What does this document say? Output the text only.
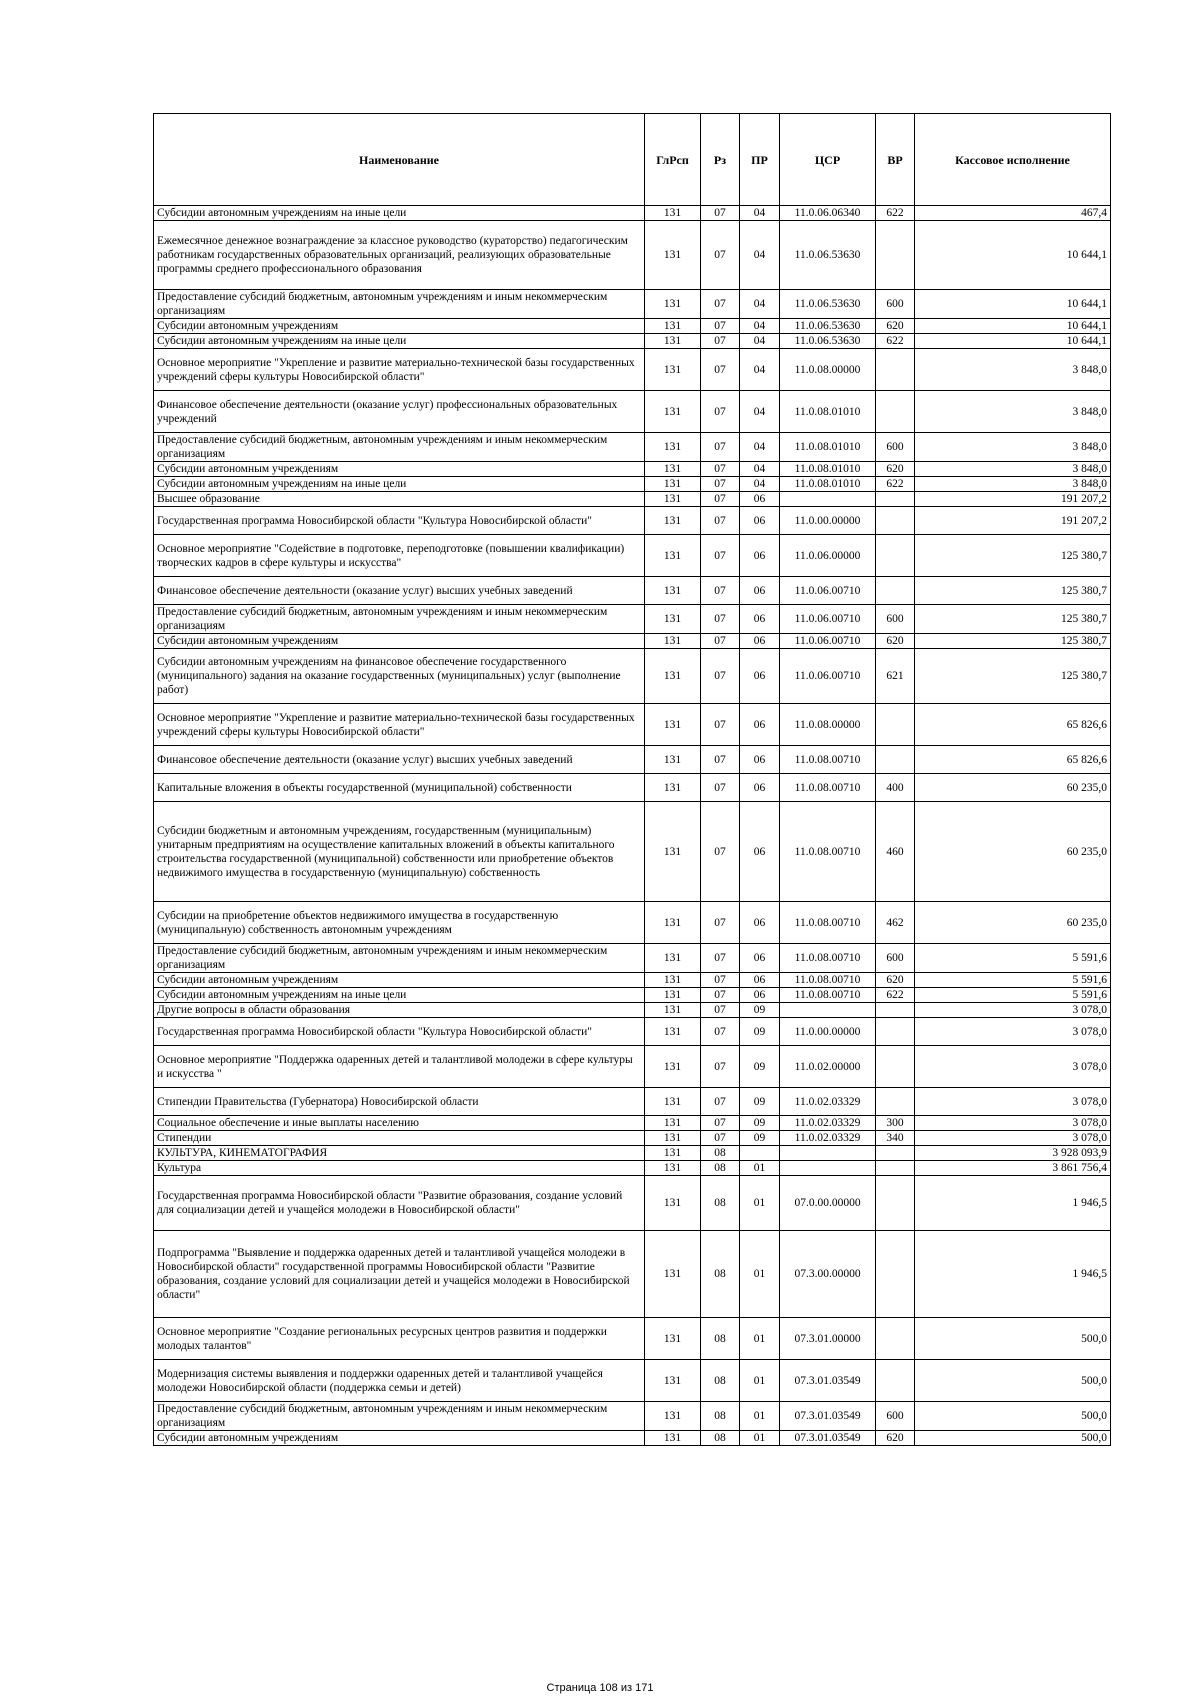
Наименование	ГлРсп	Рз	ПР	ЦСР	ВР	Кассовое исполнение
Субсидии автономным учреждениям на иные цели	131	07	04	11.0.06.06340	622	467,4
Ежемесячное денежное вознаграждение за классное руководство (кураторство) педагогическим работникам государственных образовательных организаций, реализующих образовательные программы среднего профессионального образования	131	07	04	11.0.06.53630		10 644,1
Предоставление субсидий бюджетным, автономным учреждениям и иным некоммерческим организациям	131	07	04	11.0.06.53630	600	10 644,1
Субсидии автономным учреждениям	131	07	04	11.0.06.53630	620	10 644,1
Субсидии автономным учреждениям на иные цели	131	07	04	11.0.06.53630	622	10 644,1
Основное мероприятие "Укрепление и развитие материально-технической базы государственных учреждений сферы культуры Новосибирской области"	131	07	04	11.0.08.00000		3 848,0
Финансовое обеспечение деятельности (оказание услуг) профессиональных образовательных учреждений	131	07	04	11.0.08.01010		3 848,0
Предоставление субсидий бюджетным, автономным учреждениям и иным некоммерческим организациям	131	07	04	11.0.08.01010	600	3 848,0
Субсидии автономным учреждениям	131	07	04	11.0.08.01010	620	3 848,0
Субсидии автономным учреждениям на иные цели	131	07	04	11.0.08.01010	622	3 848,0
Высшее образование	131	07	06			191 207,2
Государственная программа Новосибирской области "Культура Новосибирской области"	131	07	06	11.0.00.00000		191 207,2
Основное мероприятие "Содействие в подготовке, переподготовке (повышении квалификации) творческих кадров в сфере культуры и искусства"	131	07	06	11.0.06.00000		125 380,7
Финансовое обеспечение деятельности (оказание услуг) высших учебных заведений	131	07	06	11.0.06.00710		125 380,7
Предоставление субсидий бюджетным, автономным учреждениям и иным некоммерческим организациям	131	07	06	11.0.06.00710	600	125 380,7
Субсидии автономным учреждениям	131	07	06	11.0.06.00710	620	125 380,7
Субсидии автономным учреждениям на финансовое обеспечение государственного (муниципального) задания на оказание государственных (муниципальных) услуг (выполнение работ)	131	07	06	11.0.06.00710	621	125 380,7
Основное мероприятие "Укрепление и развитие материально-технической базы государственных учреждений сферы культуры Новосибирской области"	131	07	06	11.0.08.00000		65 826,6
Финансовое обеспечение деятельности (оказание услуг) высших учебных заведений	131	07	06	11.0.08.00710		65 826,6
Капитальные вложения в объекты государственной (муниципальной) собственности	131	07	06	11.0.08.00710	400	60 235,0
Субсидии бюджетным и автономным учреждениям, государственным (муниципальным) унитарным предприятиям на осуществление капитальных вложений в объекты капитального строительства государственной (муниципальной) собственности или приобретение объектов недвижимого имущества в государственную (муниципальную) собственность	131	07	06	11.0.08.00710	460	60 235,0
Субсидии на приобретение объектов недвижимого имущества в государственную (муниципальную) собственность автономным учреждениям	131	07	06	11.0.08.00710	462	60 235,0
Предоставление субсидий бюджетным, автономным учреждениям и иным некоммерческим организациям	131	07	06	11.0.08.00710	600	5 591,6
Субсидии автономным учреждениям	131	07	06	11.0.08.00710	620	5 591,6
Субсидии автономным учреждениям на иные цели	131	07	06	11.0.08.00710	622	5 591,6
Другие вопросы в области образования	131	07	09			3 078,0
Государственная программа Новосибирской области "Культура Новосибирской области"	131	07	09	11.0.00.00000		3 078,0
Основное мероприятие "Поддержка одаренных детей и талантливой молодежи в сфере культуры и искусства "	131	07	09	11.0.02.00000		3 078,0
Стипендии Правительства (Губернатора) Новосибирской области	131	07	09	11.0.02.03329		3 078,0
Социальное обеспечение и иные выплаты населению	131	07	09	11.0.02.03329	300	3 078,0
Стипендии	131	07	09	11.0.02.03329	340	3 078,0
КУЛЬТУРА, КИНЕМАТОГРАФИЯ	131	08				3 928 093,9
Культура	131	08	01			3 861 756,4
Государственная программа Новосибирской области "Развитие образования, создание условий для социализации детей и учащейся молодежи в Новосибирской области"	131	08	01	07.0.00.00000		1 946,5
Подпрограмма "Выявление и поддержка одаренных детей и талантливой учащейся молодежи в Новосибирской области" государственной программы Новосибирской области "Развитие образования, создание условий для социализации детей и учащейся молодежи в Новосибирской области"	131	08	01	07.3.00.00000		1 946,5
Основное мероприятие "Создание региональных ресурсных центров развития и поддержки молодых талантов"	131	08	01	07.3.01.00000		500,0
Модернизация системы выявления и поддержки одаренных детей и талантливой учащейся молодежи Новосибирской области (поддержка семьи и детей)	131	08	01	07.3.01.03549		500,0
Предоставление субсидий бюджетным, автономным учреждениям и иным некоммерческим организациям	131	08	01	07.3.01.03549	600	500,0
Субсидии автономным учреждениям	131	08	01	07.3.01.03549	620	500,0
Страница 108 из 171
